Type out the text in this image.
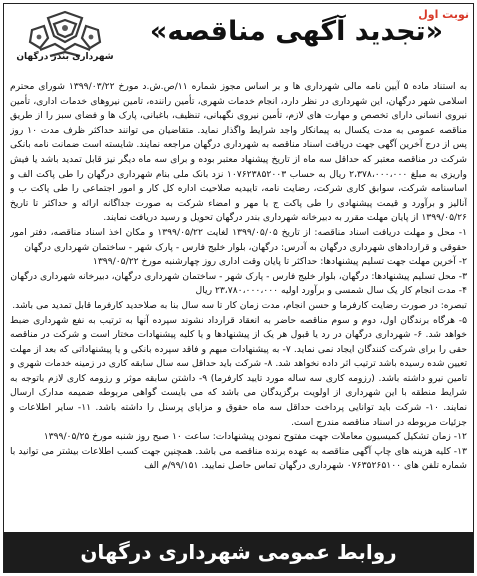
شهرداری بندر درگهان
نوبت اول
«تجدید آگهی مناقصه»

به استناد ماده ۵ آیین نامه مالی شهرداری ها و بر اساس مجوز شماره ۱۱/ص.ش.د مورخ ۱۳۹۹/۰۳/۲۲ شورای محترم اسلامی شهر درگهان، این شهرداری در نظر دارد، انجام خدمات شهری، تأمین راننده، تامین نیروهای خدمات اداری، تأمین نیروی انسانی دارای تخصص و مهارت های لازم، تأمین نیروی نگهبانی، تنظیف، باغبانی، پارک ها و فضای سبز را از طریق مناقصه عمومی به مدت یکسال به پیمانکار واجد شرایط واگذار نماید. متقاضیان می توانند حداکثر ظرف مدت ۱۰ روز پس از درج آخرین آگهی جهت دریافت اسناد مناقصه به شهرداری درگهان مراجعه نمایند. شایسته است ضمانت نامه بانکی شرکت در مناقصه معتبر که حداقل سه ماه از تاریخ پیشنهاد معتبر بوده و برای سه ماه دیگر نیز قابل تمدید باشد یا فیش واریزی به مبلغ ۲،۳۷۸،۰۰۰،۰۰۰ ریال به حساب ۱۰۷۶۲۳۸۵۲۰۰۳ نزد بانک ملی بنام شهرداری درگهان را طی پاکت الف و اساسنامه شرکت، سوابق کاری شرکت، رضایت نامه، تاییدیه صلاحیت اداره کل کار و امور اجتماعی را طی پاکت ب و آنالیز و برآورد و قیمت پیشنهادی را طی پاکت ج با مهر و امضاء شرکت به صورت جداگانه ارائه و حداکثر تا تاریخ ۱۳۹۹/۰۵/۲۶ از پایان مهلت مقرر به دبیرخانه شهرداری بندر درگهان تحویل و رسید دریافت نمایند.

۱- محل و مهلت دریافت اسناد مناقصه: از تاریخ ۱۳۹۹/۰۵/۰۵ لغایت ۱۳۹۹/۰۵/۲۲ و مکان اخذ اسناد مناقصه، دفتر امور حقوقی و قراردادهای شهرداری درگهان به آدرس: درگهان، بلوار خلیج فارس - پارک شهر - ساختمان شهرداری درگهان

۲- آخرین مهلت جهت تسلیم پیشنهادها: حداکثر تا پایان وقت اداری روز چهارشنبه مورخ ۱۳۹۹/۰۵/۲۲

۳- محل تسلیم پیشنهادها: درگهان، بلوار خلیج فارس - پارک شهر - ساختمان شهرداری درگهان، دبیرخانه شهرداری درگهان

۴- مدت انجام کار یک سال شمسی و برآورد اولیه ۲۳،۷۸۰،۰۰۰،۰۰۰ ریال

تبصره: در صورت رضایت کارفرما و حسن انجام، مدت زمان کار تا سه سال بنا به صلاحدید کارفرما قابل تمدید می باشد.

۵- هرگاه برندگان اول، دوم و سوم مناقصه حاضر به انعقاد قرارداد نشوند سپرده آنها به ترتیب به نفع شهرداری ضبط خواهد شد. ۶- شهرداری درگهان در رد یا قبول هر یک از پیشنهادها و یا کلیه پیشنهادات مختار است و شرکت در مناقصه حقی را برای شرکت کنندگان ایجاد نمی نماید. ۷- به پیشنهادات مبهم و فاقد سپرده بانکی و یا پیشنهاداتی که بعد از مهلت تعیین شده رسیده باشد ترتیب اثر داده نخواهد شد. ۸- شرکت باید حداقل سه سال سابقه کاری در زمینه خدمات شهری و تامین نیرو داشته باشد. (رزومه کاری سه ساله مورد تایید کارفرما) ۹- داشتن سابقه موثر و رزومه کاری لازم باتوجه به شرایط منطقه با این شهرداری از اولویت برگزیدگان می باشد که می بایست گواهی مربوطه ضمیمه مدارک ارسال نمایند. ۱۰- شرکت باید توانایی پرداخت حداقل سه ماه حقوق و مزایای پرسنل را داشته باشد. ۱۱- سایر اطلاعات و جزئیات مربوطه در اسناد مناقصه مندرج است.

۱۲- زمان تشکیل کمیسیون معاملات جهت مفتوح نمودن پیشنهادات: ساعت ۱۰ صبح روز شنبه مورخ ۱۳۹۹/۰۵/۲۵

۱۳- کلیه هزینه های چاپ آگهی مناقصه به عهده برنده مناقصه می باشد. همچنین جهت کسب اطلاعات بیشتر می توانید با شماره تلفن های ۰۷۶۳۵۲۶۵۱۰۰ شهرداری درگهان تماس حاصل نمایید. ۹۹/۱۵۱/م الف

روابط عمومی شهرداری درگهان
